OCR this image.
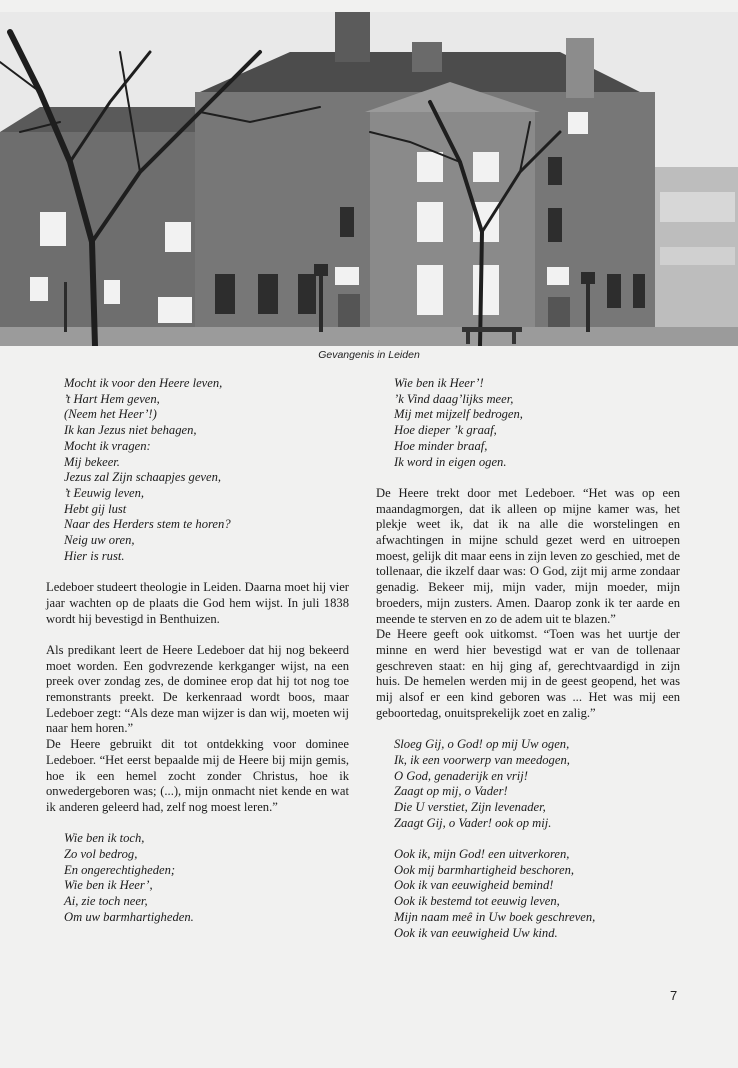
Gevangenis in Leiden

Mocht ik voor den Heere leven,
’t Hart Hem geven,
(Neem het Heer’!)
Ik kan Jezus niet behagen,
Mocht ik vragen:
Mij bekeer.
Jezus zal Zijn schaapjes geven,
’t Eeuwig leven,
Hebt gij lust
Naar des Herders stem te horen?
Neig uw oren,
Hier is rust.

Ledeboer studeert theologie in Leiden. Daarna moet hij vier jaar wachten op de plaats die God hem wijst. In juli 1838 wordt hij bevestigd in Benthuizen.

Als predikant leert de Heere Ledeboer dat hij nog bekeerd moet worden. Een godvrezende kerkganger wijst, na een preek over zondag zes, de dominee erop dat hij tot nog toe remonstrants preekt. De kerkenraad wordt boos, maar Ledeboer zegt: “Als deze man wijzer is dan wij, moeten wij naar hem horen.”

De Heere gebruikt dit tot ontdekking voor dominee Ledeboer. “Het eerst bepaalde mij de Heere bij mijn gemis, hoe ik een hemel zocht zonder Christus, hoe ik onwedergeboren was; (...), mijn onmacht niet kende en wat ik anderen geleerd had, zelf nog moest leren.”

Wie ben ik toch,
Zo vol bedrog,
En ongerechtigheden;
Wie ben ik Heer’,
Ai, zie toch neer,
Om uw barmhartigheden.

Wie ben ik Heer’!
’k Vind daag’lijks meer,
Mij met mijzelf bedrogen,
Hoe dieper ’k graaf,
Hoe minder braaf,
Ik word in eigen ogen.

De Heere trekt door met Ledeboer. “Het was op een maandagmorgen, dat ik alleen op mijne kamer was, het plekje weet ik, dat ik na alle die worstelingen en afwachtingen in mijne schuld gezet werd en uitroepen moest, gelijk dit maar eens in zijn leven zo geschied, met de tollenaar, die ikzelf daar was: O God, zijt mij arme zondaar genadig. Bekeer mij, mijn vader, mijn moeder, mijn broeders, mijn zusters. Amen. Daarop zonk ik ter aarde en meende te sterven en zo de adem uit te blazen.”

De Heere geeft ook uitkomst. “Toen was het uurtje der minne en werd hier bevestigd wat er van de tollenaar geschreven staat: en hij ging af, gerechtvaardigd in zijn huis. De hemelen werden mij in de geest geopend, het was mij alsof er een kind geboren was ... Het was mij een geboortedag, onuitsprekelijk zoet en zalig.”

Sloeg Gij, o God! op mij Uw ogen,
Ik, ik een voorwerp van meedogen,
O God, genaderijk en vrij!
Zaagt op mij, o Vader!
Die U verstiet, Zijn levenader,
Zaagt Gij, o Vader! ook op mij.

Ook ik, mijn God! een uitverkoren,
Ook mij barmhartigheid beschoren,
Ook ik van eeuwigheid bemind!
Ook ik bestemd tot eeuwig leven,
Mijn naam meê in Uw boek geschreven,
Ook ik van eeuwigheid Uw kind.

7
